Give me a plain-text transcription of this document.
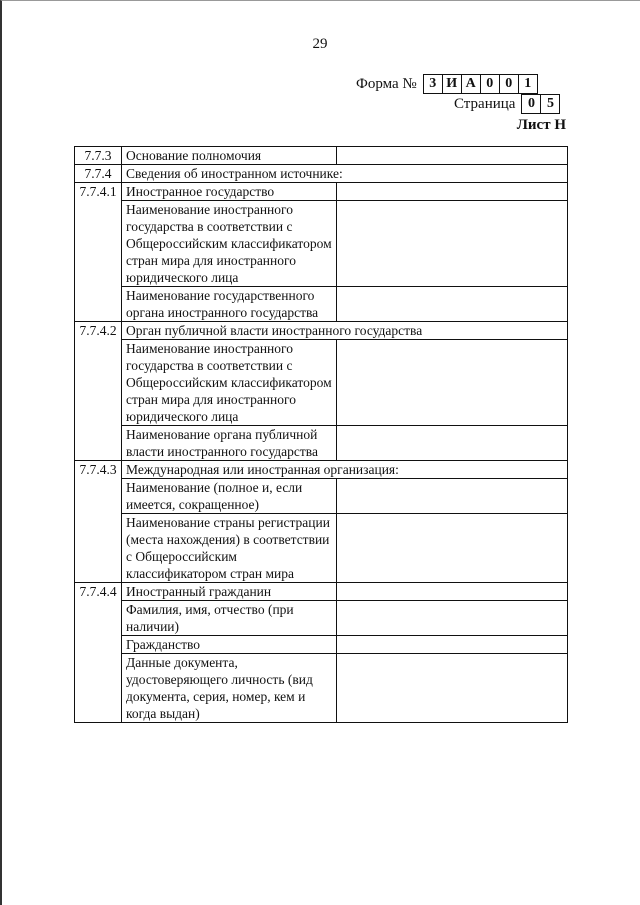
29
Форма № 3 И А 0 0 1
Страница 0 5
Лист Н
7.7.3	Основание полномочия	
7.7.4	Сведения об иностранном источнике:	
7.7.4.1	Иностранное государство	
	Наименование иностранного государства в соответствии с Общероссийским классификатором стран мира для иностранного юридического лица	
	Наименование государственного органа иностранного государства	
7.7.4.2	Орган публичной власти иностранного государства	
	Наименование иностранного государства в соответствии с Общероссийским классификатором стран мира для иностранного юридического лица	
	Наименование органа публичной власти иностранного государства	
7.7.4.3	Международная или иностранная организация:	
	Наименование (полное и, если имеется, сокращенное)	
	Наименование страны регистрации (места нахождения) в соответствии с Общероссийским классификатором стран мира	
7.7.4.4	Иностранный гражданин	
	Фамилия, имя, отчество (при наличии)	
	Гражданство	
	Данные документа, удостоверяющего личность (вид документа, серия, номер, кем и когда выдан)	
